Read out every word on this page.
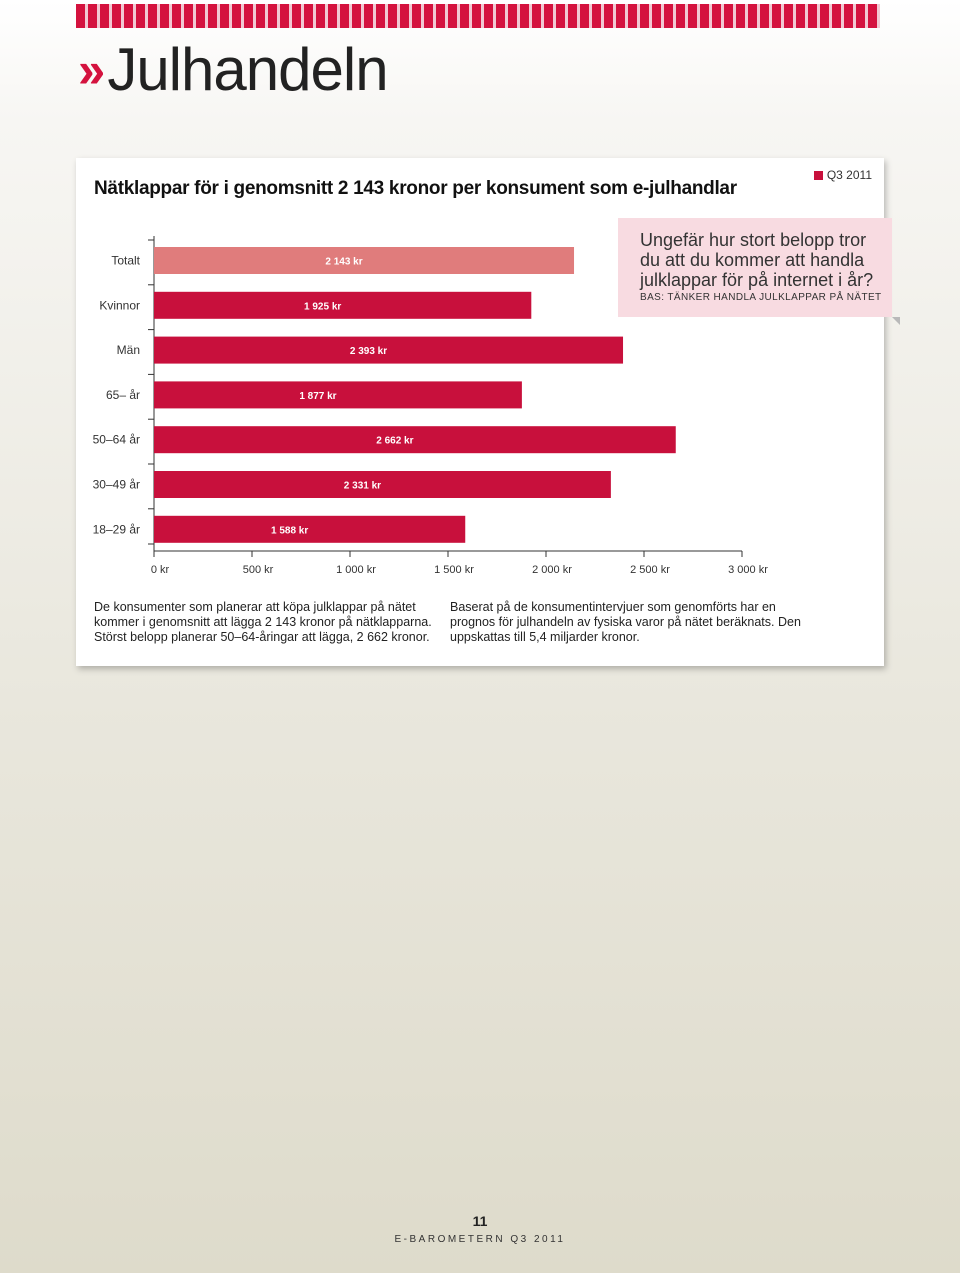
›› Julhandeln
Nätklappar för i genomsnitt 2 143 kronor per konsument som e-julhandlar
Q3 2011
Totalt	2 143 kr
Kvinnor	1 925 kr
Män	2 393 kr
65– år	1 877 kr
50–64 år	2 662 kr
30–49 år	2 331 kr
18–29 år	1 588 kr
0 kr	500 kr	1 000 kr	1 500 kr	2 000 kr	2 500 kr	3 000 kr
Ungefär hur stort belopp tror du att du kommer att handla julklappar för på internet i år?
BAS: TÄNKER HANDLA JULKLAPPAR PÅ NÄTET
De konsumenter som planerar att köpa julklappar på nätet kommer i genomsnitt att lägga 2 143 kronor på nätklapparna. Störst belopp planerar 50–64-åringar att lägga, 2 662 kronor.
Baserat på de konsumentintervjuer som genomförts har en prognos för julhandeln av fysiska varor på nätet beräknats. Den uppskattas till 5,4 miljarder kronor.
11
E-BAROMETERN Q3 2011
